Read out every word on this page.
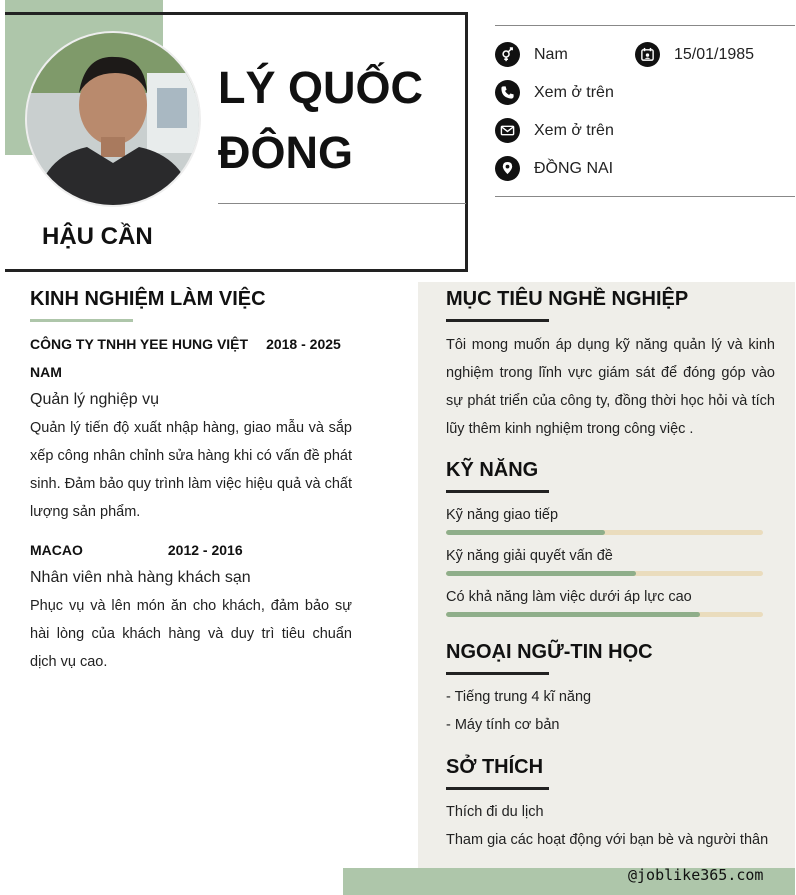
LÝ QUỐC
ĐÔNG
HẬU CẦN
Nam	15/01/1985
Xem ở trên
Xem ở trên
ĐỒNG NAI
KINH NGHIỆM LÀM VIỆC
CÔNG TY TNHH YEE HUNG VIỆT 2018 - 2025
NAM
Quản lý nghiệp vụ
Quản lý tiến độ xuất nhập hàng, giao mẫu và sắp xếp công nhân chỉnh sửa hàng khi có vấn đề phát sinh. Đảm bảo quy trình làm việc hiệu quả và chất lượng sản phẩm.
MACAO	2012 - 2016
Nhân viên nhà hàng khách sạn
Phục vụ và lên món ăn cho khách, đảm bảo sự hài lòng của khách hàng và duy trì tiêu chuẩn dịch vụ cao.
MỤC TIÊU NGHỀ NGHIỆP
Tôi mong muốn áp dụng kỹ năng quản lý và kinh nghiệm trong lĩnh vực giám sát để đóng góp vào sự phát triển của công ty, đồng thời học hỏi và tích lũy thêm kinh nghiệm trong công việc .
KỸ NĂNG
Kỹ năng giao tiếp
Kỹ năng giải quyết vấn đề
Có khả năng làm việc dưới áp lực cao
NGOẠI NGỮ-TIN HỌC
- Tiếng trung 4 kĩ năng
- Máy tính cơ bản
SỞ THÍCH
Thích đi du lịch
Tham gia các hoạt động với bạn bè và người thân
@joblike365.com
